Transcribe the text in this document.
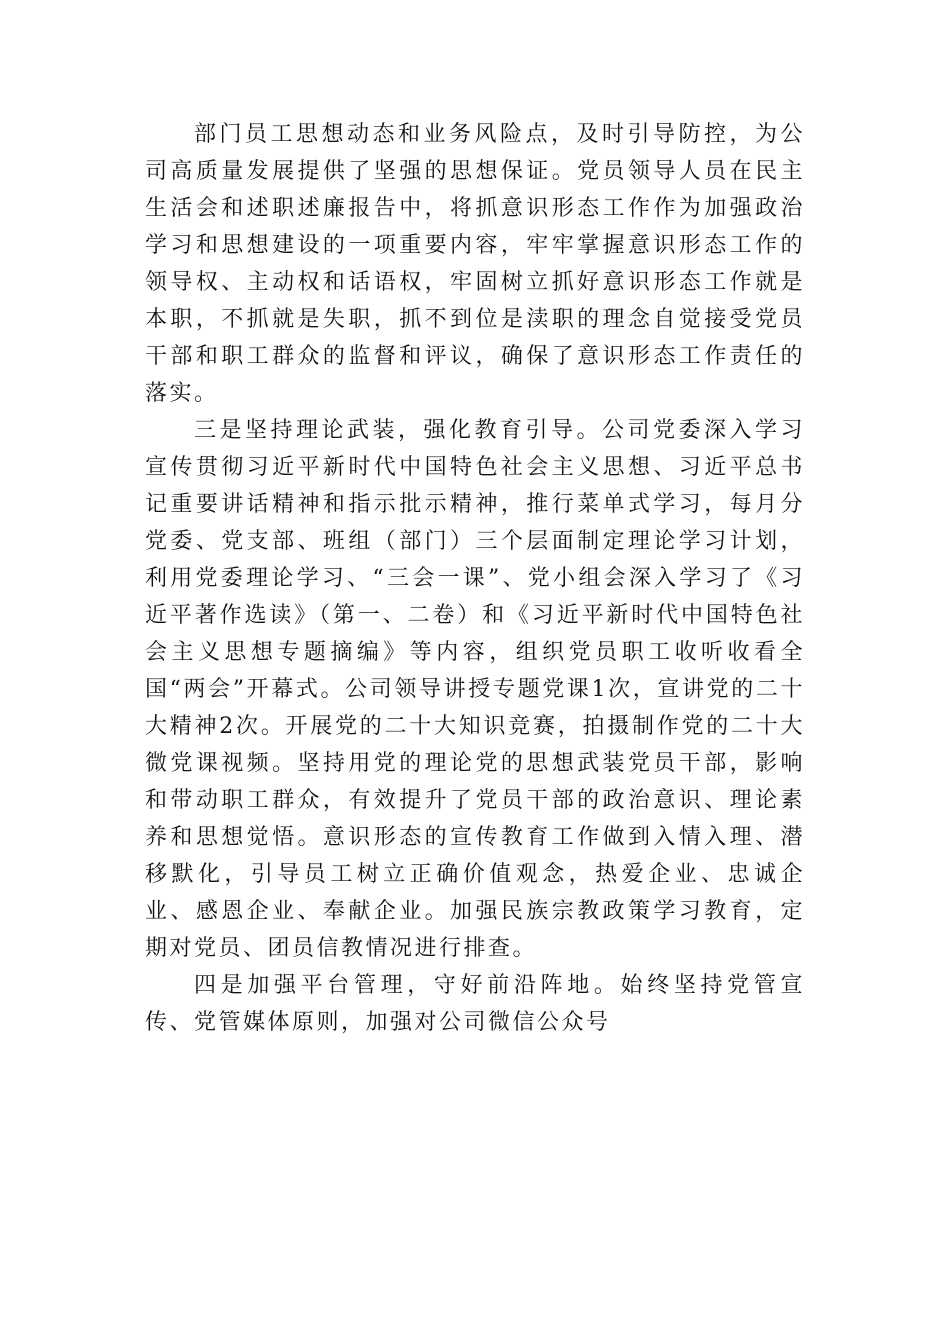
部门员工思想动态和业务风险点，及时引导防控，为公司高质量发展提供了坚强的思想保证。党员领导人员在民主生活会和述职述廉报告中，将抓意识形态工作作为加强政治学习和思想建设的一项重要内容，牢牢掌握意识形态工作的领导权、主动权和话语权，牢固树立抓好意识形态工作就是本职，不抓就是失职，抓不到位是渎职的理念自觉接受党员干部和职工群众的监督和评议，确保了意识形态工作责任的落实。

三是坚持理论武装，强化教育引导。公司党委深入学习宣传贯彻习近平新时代中国特色社会主义思想、习近平总书记重要讲话精神和指示批示精神，推行菜单式学习，每月分党委、党支部、班组（部门）三个层面制定理论学习计划，利用党委理论学习、“三会一课”、党小组会深入学习了《习近平著作选读》（第一、二卷）和《习近平新时代中国特色社会主义思想专题摘编》等内容，组织党员职工收听收看全国“两会”开幕式。公司领导讲授专题党课1次，宣讲党的二十大精神2次。开展党的二十大知识竞赛，拍摄制作党的二十大微党课视频。坚持用党的理论党的思想武装党员干部，影响和带动职工群众，有效提升了党员干部的政治意识、理论素养和思想觉悟。意识形态的宣传教育工作做到入情入理、潜移默化，引导员工树立正确价值观念，热爱企业、忠诚企业、感恩企业、奉献企业。加强民族宗教政策学习教育，定期对党员、团员信教情况进行排查。

四是加强平台管理，守好前沿阵地。始终坚持党管宣传、党管媒体原则，加强对公司微信公众号
